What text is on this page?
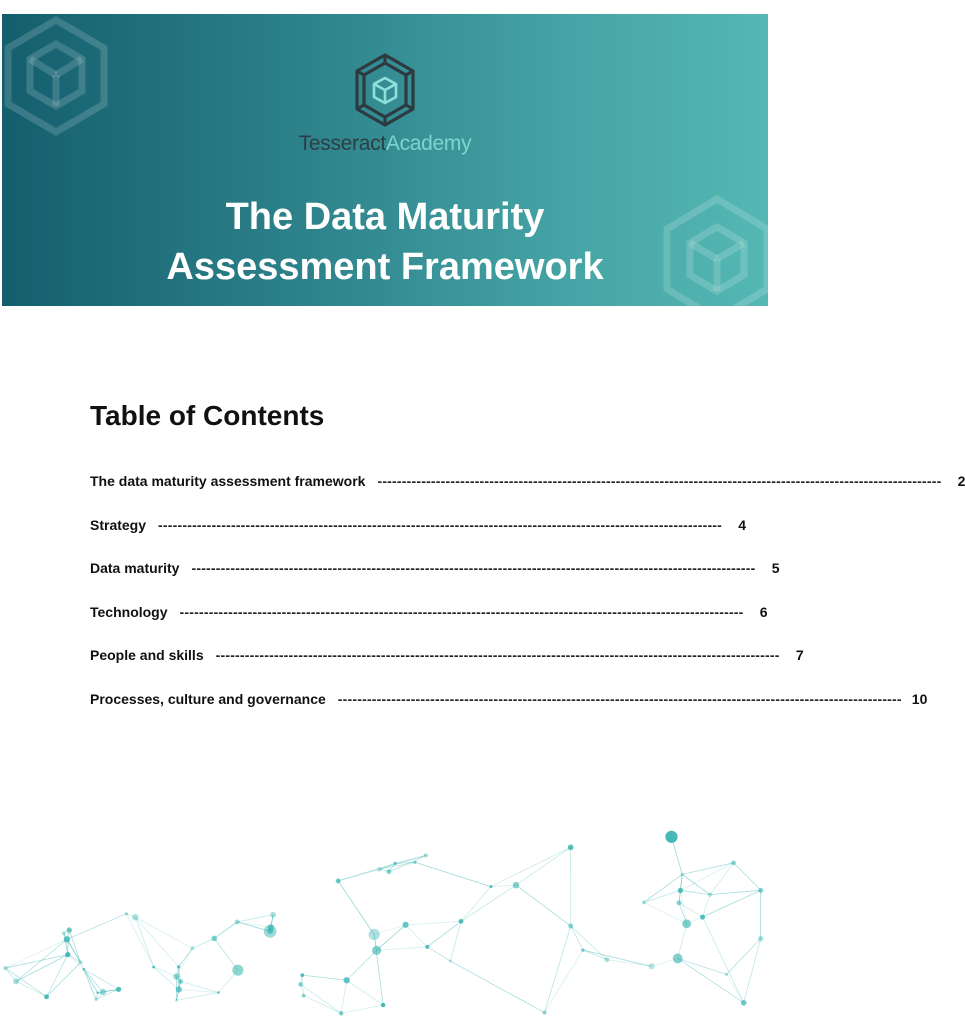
TesseractAcademy
The Data Maturity
Assessment Framework
Table of Contents
The data maturity assessment framework --------------------------------------------------------------------------------------------------------------------	2
Strategy --------------------------------------------------------------------------------------------------------------------	4
Data maturity --------------------------------------------------------------------------------------------------------------------	5
Technology --------------------------------------------------------------------------------------------------------------------	6
People and skills --------------------------------------------------------------------------------------------------------------------	7
Processes, culture and governance -------------------------------------------------------------------------------------------------------------------- 10
